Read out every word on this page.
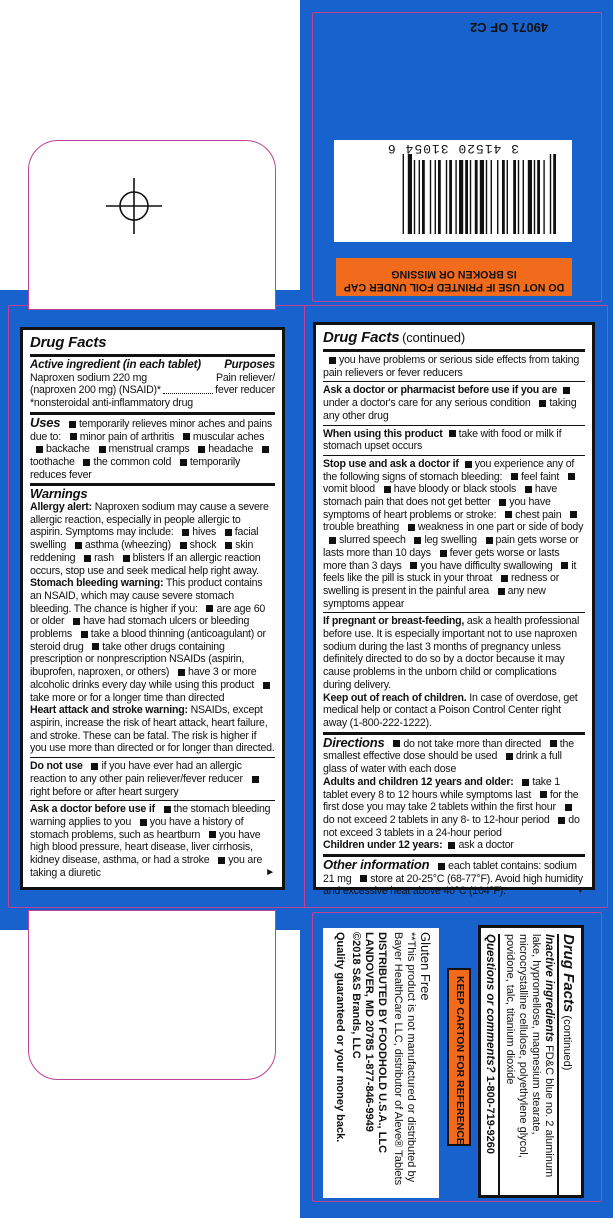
49071 OF C2
3 41520 31054 6
DO NOT USE IF PRINTED FOIL UNDER CAP
IS BROKEN OR MISSING
Drug Facts
Active ingredient (in each tablet) Purposes
Naproxen sodium 220 mg	Pain reliever/
(naproxen 200 mg) (NSAID)*	fever reducer
*nonsteroidal anti-inflammatory drug
Uses temporarily relieves minor aches and pains due to: minor pain of arthritis muscular aches backache menstrual cramps headache toothache the common cold temporarily reduces fever
Warnings
Allergy alert: Naproxen sodium may cause a severe allergic reaction, especially in people allergic to aspirin. Symptoms may include: hives facial swelling asthma (wheezing) shock skin reddening rash blisters If an allergic reaction occurs, stop use and seek medical help right away.
Stomach bleeding warning: This product contains an NSAID, which may cause severe stomach bleeding. The chance is higher if you: are age 60 or older have had stomach ulcers or bleeding problems take a blood thinning (anticoagulant) or steroid drug take other drugs containing prescription or nonprescription NSAIDs (aspirin, ibuprofen, naproxen, or others) have 3 or more alcoholic drinks every day while using this product take more or for a longer time than directed
Heart attack and stroke warning: NSAIDs, except aspirin, increase the risk of heart attack, heart failure, and stroke. These can be fatal. The risk is higher if you use more than directed or for longer than directed.
Do not use if you have ever had an allergic reaction to any other pain reliever/fever reducer right before or after heart surgery
Ask a doctor before use if the stomach bleeding warning applies to you you have a history of stomach problems, such as heartburn you have high blood pressure, heart disease, liver cirrhosis, kidney disease, asthma, or had a stroke you are taking a diuretic	►
Drug Facts (continued)
you have problems or serious side effects from taking pain relievers or fever reducers
Ask a doctor or pharmacist before use if you areunder a doctor's care for any serious condition taking any other drug
When using this product take with food or milk if stomach upset occurs
Stop use and ask a doctor if you experience any of the following signs of stomach bleeding: feel faint vomit blood have bloody or black stools have stomach pain that does not get better you have symptoms of heart problems or stroke: chest pain trouble breathing weakness in one part or side of body slurred speech leg swelling pain gets worse or lasts more than 10 days fever gets worse or lasts more than 3 days you have difficulty swallowing it feels like the pill is stuck in your throat redness or swelling is present in the painful area any new symptoms appear
If pregnant or breast-feeding, ask a health professional before use. It is especially important not to use naproxen sodium during the last 3 months of pregnancy unless definitely directed to do so by a doctor because it may cause problems in the unborn child or complications during delivery.
Keep out of reach of children. In case of overdose, get medical help or contact a Poison Control Center right away (1-800-222-1222).
Directions do not take more than directed the smallest effective dose should be used drink a full glass of water with each dose
Adults and children 12 years and older: take 1 tablet every 8 to 12 hours while symptoms last for the first dose you may take 2 tablets within the first hour do not exceed 2 tablets in any 8- to 12-hour period do not exceed 3 tablets in a 24-hour period
Children under 12 years: ask a doctor
Other information each tablet contains: sodium 21 mg store at 20-25°C (68-77°F). Avoid high humidity and excessive heat above 40°C (104°F).	▼
Drug Facts (continued)
Inactive ingredients FD&C blue no. 2 aluminum lake, hypromellose, magnesium stearate, microcrystalline cellulose, polyethylene glycol, povidone, talc, titanium dioxide
Questions or comments? 1-800-719-9260
KEEP CARTON FOR REFERENCE
Gluten Free
**This product is not manufactured or distributed by Bayer HealthCare LLC, distributor of Aleve® Tablets
DISTRIBUTED BY FOODHOLD U.S.A., LLC
LANDOVER, MD 20785 1-877-846-9949
©2018 S&S Brands, LLC
Quality guaranteed or your money back.
